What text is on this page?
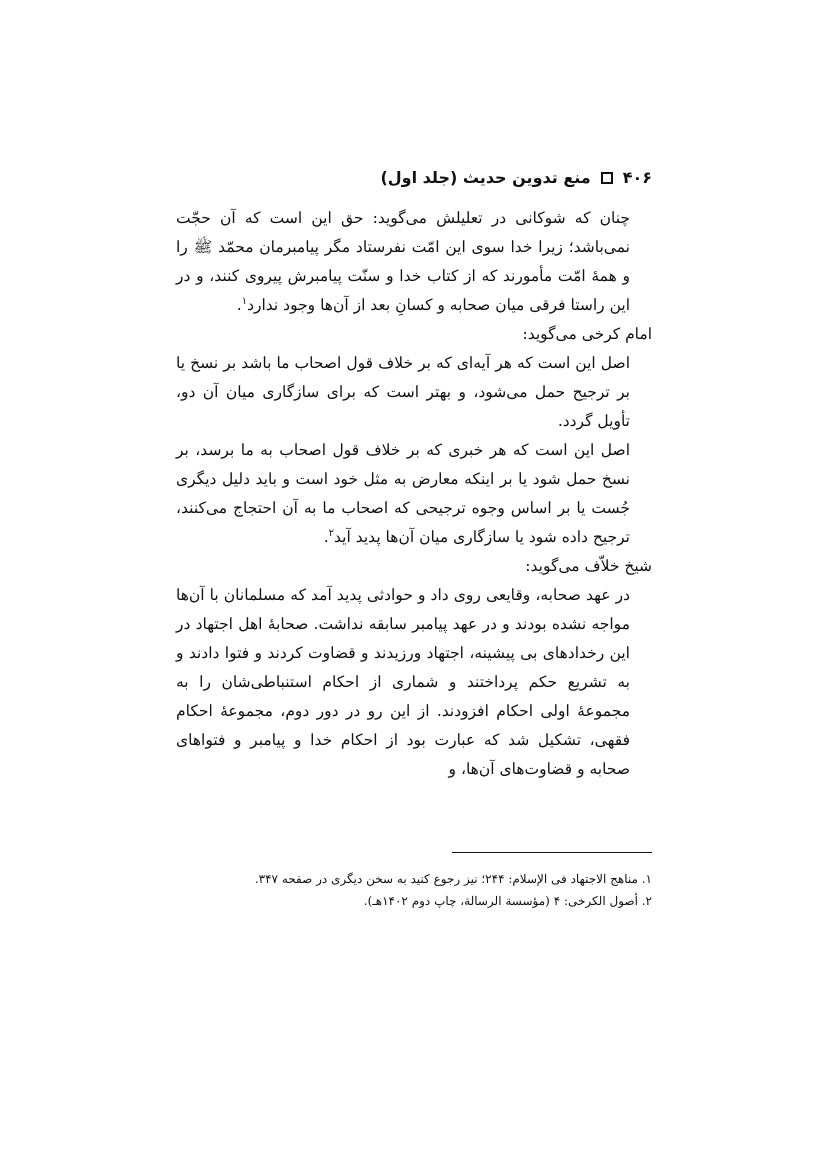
۴۰۶
منع تدوین حدیث (جلد اول)

چنان که شوکانی در تعلیلش می‌گوید: حق این است که آن حجّت نمی‌باشد؛ زیرا خدا سوی این امّت نفرستاد مگر پیامبرمان محمّد ﷺ را و همهٔ امّت مأمورند که از کتاب خدا و سنّت پیامبرش پیروی کنند، و در این راستا فرقی میان صحابه و کسانِ بعد از آن‌ها وجود ندارد$^۱$.

امام کرخی می‌گوید:

اصل این است که هر آیه‌ای که بر خلاف قول اصحاب ما باشد بر نسخ یا بر ترجیح حمل می‌شود، و بهتر است که برای سازگاری میان آن دو، تأویل گردد.

اصل این است که هر خبری که بر خلاف قول اصحاب به ما برسد، بر نسخ حمل شود یا بر اینکه معارض به مثل خود است و باید دلیل دیگری جُست یا بر اساس وجوه ترجیحی که اصحاب ما به آن احتجاج می‌کنند، ترجیح داده شود یا سازگاری میان آن‌ها پدید آید$^۲$.

شیخ خلاّف می‌گوید:

در عهد صحابه، وقایعی روی داد و حوادثی پدید آمد که مسلمانان با آن‌ها مواجه نشده بودند و در عهد پیامبر سابقه نداشت. صحابهٔ اهل اجتهاد در این رخدادهای بی پیشینه، اجتهاد ورزیدند و قضاوت کردند و فتوا دادند و به تشریع حکم پرداختند و شماری از احکام استنباطی‌شان را به مجموعهٔ اولی احکام افزودند. از این رو در دور دوم، مجموعهٔ احکام فقهی، تشکیل شد که عبارت بود از احکام خدا و پیامبر و فتواهای صحابه و قضاوت‌های آن‌ها، و

۱. مناهج الاجتهاد فی الإسلام: ۲۴۴؛ نیز رجوع کنید به سخن دیگری در صفحه ۳۴۷.

۲. أصول الکرخی: ۴ (مؤسسة الرسالة، چاپ دوم ۱۴۰۲هـ).
